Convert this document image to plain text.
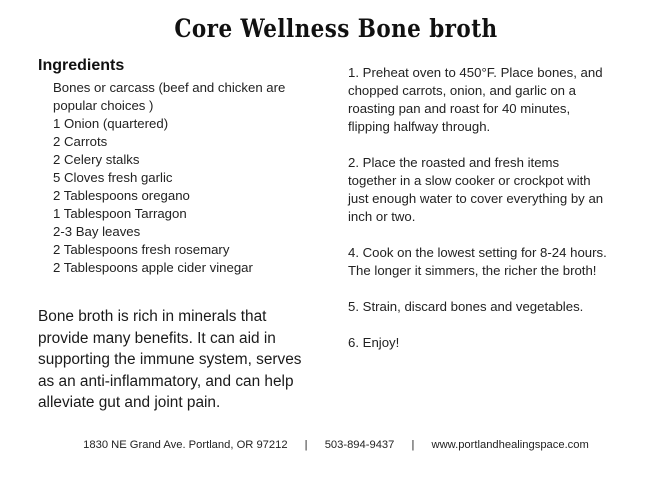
Core Wellness Bone broth
Ingredients
Bones or carcass (beef and chicken are popular choices )
1 Onion (quartered)
2 Carrots
2 Celery stalks
5 Cloves fresh garlic
2 Tablespoons oregano
1 Tablespoon Tarragon
2-3 Bay leaves
2 Tablespoons fresh rosemary
2 Tablespoons apple cider vinegar

Bone broth is rich in minerals that provide many benefits. It can aid in supporting the immune system, serves as an anti-inflammatory, and can help alleviate gut and joint pain.

1. Preheat oven to 450°F. Place bones, and chopped carrots, onion, and garlic on a roasting pan and roast for 40 minutes, flipping halfway through.
2. Place the roasted and fresh items together in a slow cooker or crockpot with just enough water to cover everything by an inch or two.
4. Cook on the lowest setting for 8-24 hours. The longer it simmers, the richer the broth!
5. Strain, discard bones and vegetables.
6. Enjoy!
1830 NE Grand Ave. Portland, OR 97212 | 503-894-9437 | www.portlandhealingspace.com
